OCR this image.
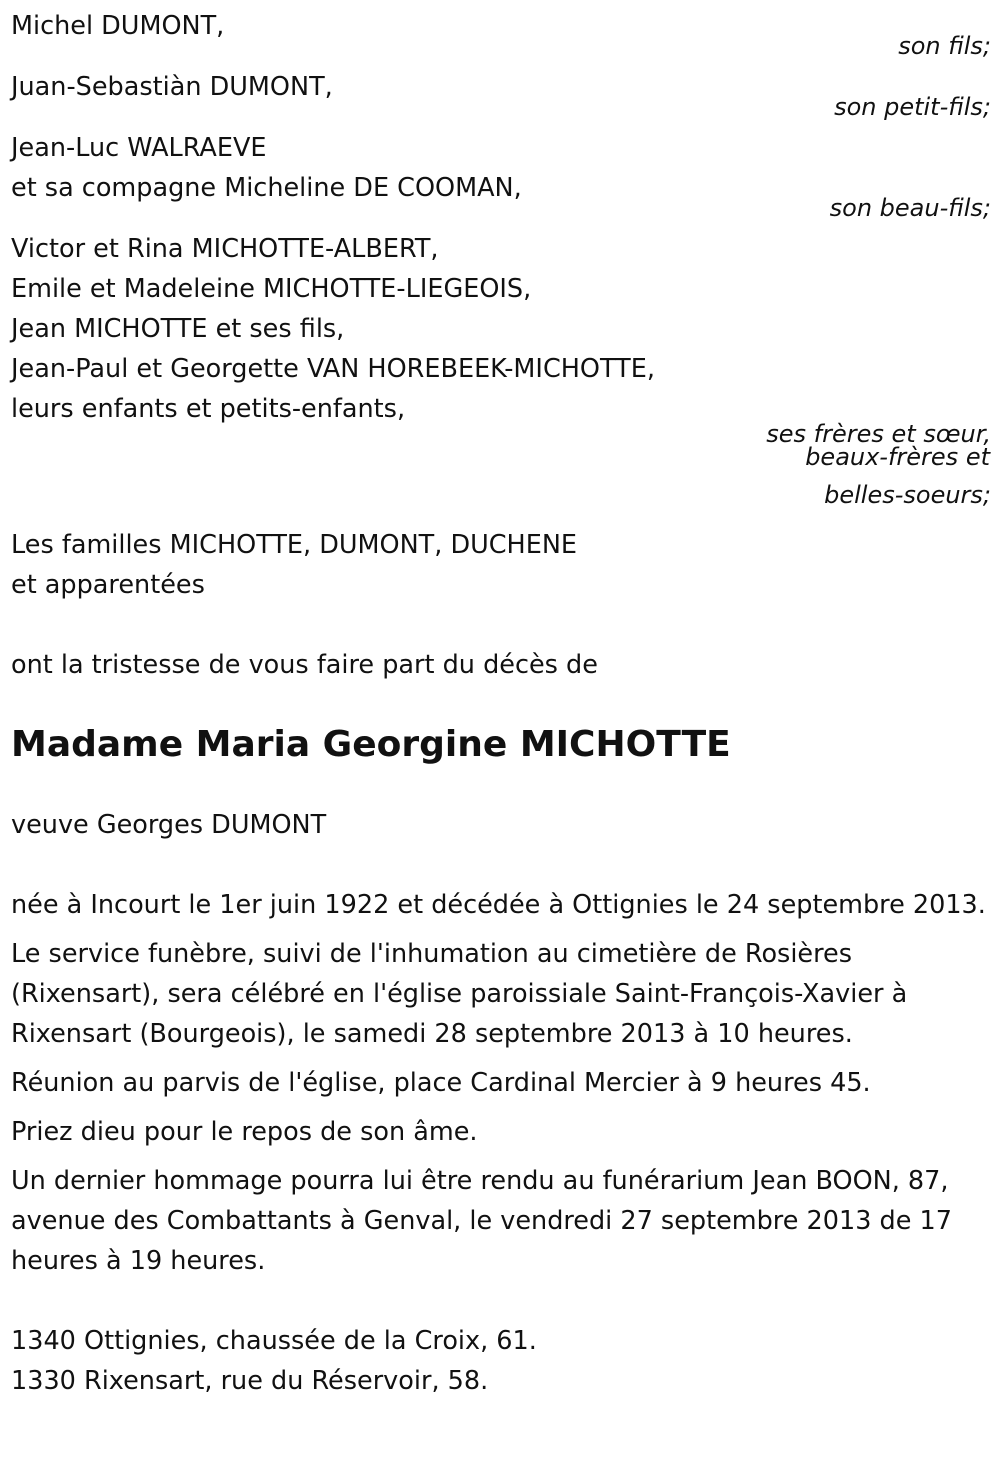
Michel DUMONT,
son fils;
Juan-Sebastiàn DUMONT,
son petit-fils;
Jean-Luc WALRAEVE
et sa compagne Micheline DE COOMAN,
son beau-fils;
Victor et Rina MICHOTTE-ALBERT,
Emile et Madeleine MICHOTTE-LIEGEOIS,
Jean MICHOTTE et ses fils,
Jean-Paul et Georgette VAN HOREBEEK-MICHOTTE,
leurs enfants et petits-enfants,
ses frères et sœur,
beaux-frères et
belles-soeurs;
Les familles MICHOTTE, DUMONT, DUCHENE
et apparentées
ont la tristesse de vous faire part du décès de
Madame Maria Georgine MICHOTTE
veuve Georges DUMONT
née à Incourt le 1er juin 1922 et décédée à Ottignies le 24 septembre 2013.
Le service funèbre, suivi de l'inhumation au cimetière de Rosières (Rixensart), sera célébré en l'église paroissiale Saint-François-Xavier à Rixensart (Bourgeois), le samedi 28 septembre 2013 à 10 heures.
Réunion au parvis de l'église, place Cardinal Mercier à 9 heures 45.
Priez dieu pour le repos de son âme.
Un dernier hommage pourra lui être rendu au funérarium Jean BOON, 87, avenue des Combattants à Genval, le vendredi 27 septembre 2013 de 17 heures à 19 heures.
1340 Ottignies, chaussée de la Croix, 61.
1330 Rixensart, rue du Réservoir, 58.
